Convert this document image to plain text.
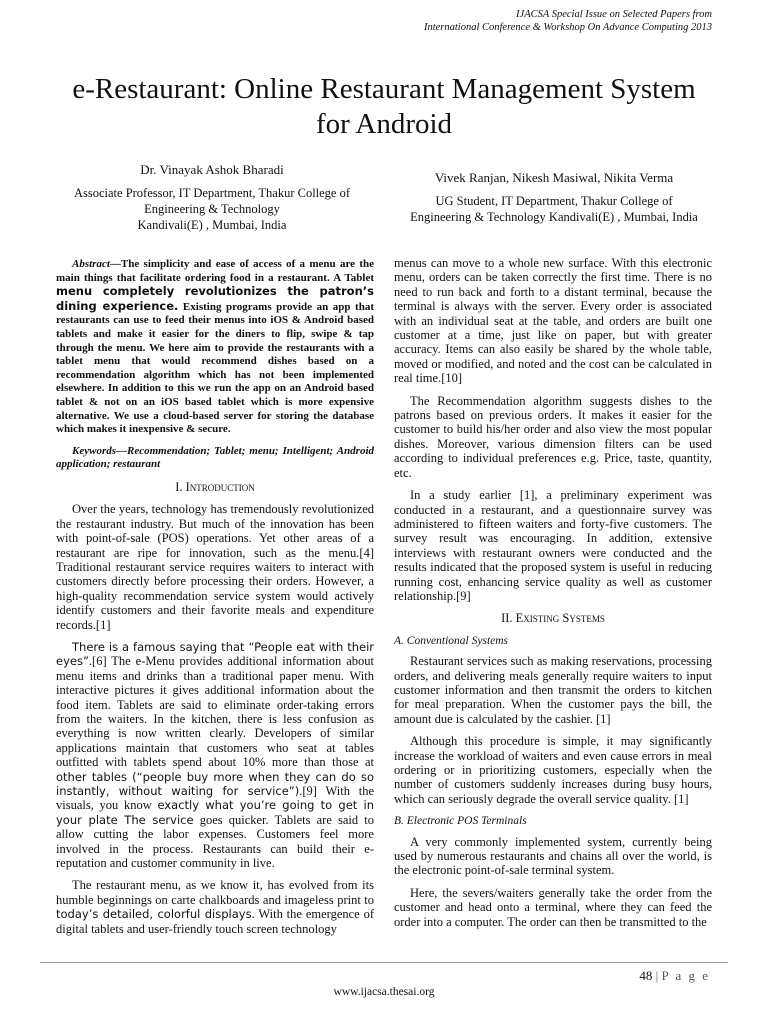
IJACSA Special Issue on Selected Papers from
International Conference & Workshop On Advance Computing 2013
e-Restaurant: Online Restaurant Management System
for Android
Dr. Vinayak Ashok Bharadi
Associate Professor, IT Department, Thakur College of
Engineering & Technology
Kandivali(E) , Mumbai, India
Vivek Ranjan, Nikesh Masiwal, Nikita Verma
UG Student, IT Department, Thakur College of
Engineering & Technology Kandivali(E) , Mumbai, India

Abstract—The simplicity and ease of access of a menu are the main things that facilitate ordering food in a restaurant. A Tablet menu completely revolutionizes the patron’s dining experience. Existing programs provide an app that restaurants can use to feed their menus into iOS & Android based tablets and make it easier for the diners to flip, swipe & tap through the menu. We here aim to provide the restaurants with a tablet menu that would recommend dishes based on a recommendation algorithm which has not been implemented elsewhere. In addition to this we run the app on an Android based tablet & not on an iOS based tablet which is more expensive alternative. We use a cloud-based server for storing the database which makes it inexpensive & secure.

Keywords—Recommendation; Tablet; menu; Intelligent; Android application; restaurant

I. Introduction

Over the years, technology has tremendously revolutionized the restaurant industry. But much of the innovation has been with point-of-sale (POS) operations. Yet other areas of a restaurant are ripe for innovation, such as the menu.[4] Traditional restaurant service requires waiters to interact with customers directly before processing their orders. However, a high-quality recommendation service system would actively identify customers and their favorite meals and expenditure records.[1]

There is a famous saying that “People eat with their eyes”.[6] The e-Menu provides additional information about menu items and drinks than a traditional paper menu. With interactive pictures it gives additional information about the food item. Tablets are said to eliminate order-taking errors from the waiters. In the kitchen, there is less confusion as everything is now written clearly. Developers of similar applications maintain that customers who seat at tables outfitted with tablets spend about 10% more than those at other tables (“people buy more when they can do so instantly, without waiting for service”).[9] With the visuals, you know exactly what you’re going to get in your plate The service goes quicker. Tablets are said to allow cutting the labor expenses. Customers feel more involved in the process. Restaurants can build their e-reputation and customer community in live.

The restaurant menu, as we know it, has evolved from its humble beginnings on carte chalkboards and imageless print to today’s detailed, colorful displays. With the emergence of digital tablets and user-friendly touch screen technology

menus can move to a whole new surface. With this electronic menu, orders can be taken correctly the first time. There is no need to run back and forth to a distant terminal, because the terminal is always with the server. Every order is associated with an individual seat at the table, and orders are built one customer at a time, just like on paper, but with greater accuracy. Items can also easily be shared by the whole table, moved or modified, and noted and the cost can be calculated in real time.[10]

The Recommendation algorithm suggests dishes to the patrons based on previous orders. It makes it easier for the customer to build his/her order and also view the most popular dishes. Moreover, various dimension filters can be used according to individual preferences e.g. Price, taste, quantity, etc.

In a study earlier [1], a preliminary experiment was conducted in a restaurant, and a questionnaire survey was administered to fifteen waiters and forty-five customers. The survey result was encouraging. In addition, extensive interviews with restaurant owners were conducted and the results indicated that the proposed system is useful in reducing running cost, enhancing service quality as well as customer relationship.[9]

II. Existing Systems
A. Conventional Systems

Restaurant services such as making reservations, processing orders, and delivering meals generally require waiters to input customer information and then transmit the orders to kitchen for meal preparation. When the customer pays the bill, the amount due is calculated by the cashier. [1]

Although this procedure is simple, it may significantly increase the workload of waiters and even cause errors in meal ordering or in prioritizing customers, especially when the number of customers suddenly increases during busy hours, which can seriously degrade the overall service quality. [1]

B. Electronic POS Terminals

A very commonly implemented system, currently being used by numerous restaurants and chains all over the world, is the electronic point-of-sale terminal system.

Here, the severs/waiters generally take the order from the customer and head onto a terminal, where they can feed the order into a computer. The order can then be transmitted to the

48 | P a g e
www.ijacsa.thesai.org
